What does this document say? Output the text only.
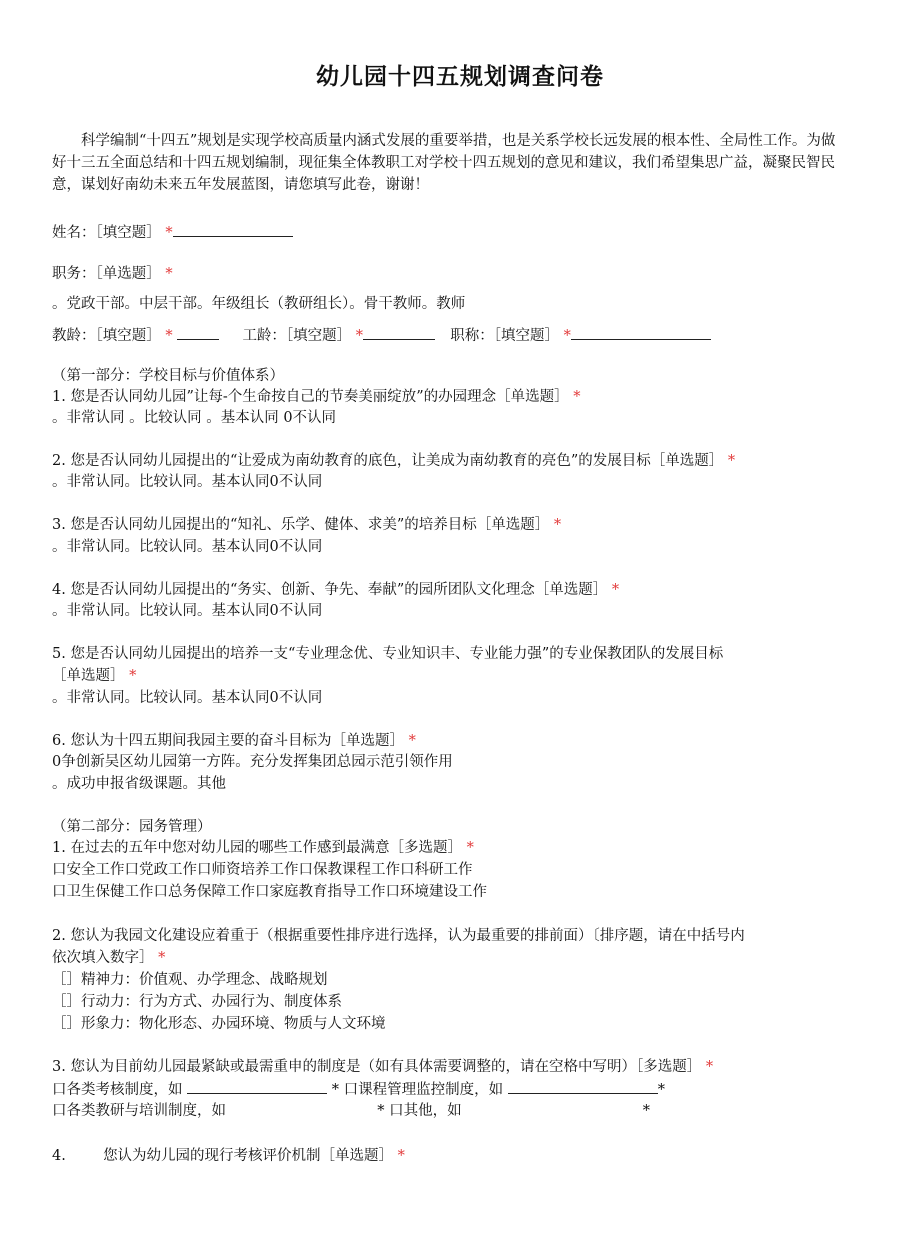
幼儿园十四五规划调查问卷
科学编制“十四五”规划是实现学校高质量内涵式发展的重要举措，也是关系学校长远发展的根本性、全局性工作。为做好十三五全面总结和十四五规划编制，现征集全体教职工对学校十四五规划的意见和建议，我们希望集思广益，凝聚民智民意，谋划好南幼未来五年发展蓝图，请您填写此卷，谢谢！
姓名：［填空题］ *
职务：［单选题］ *
。党政干部。中层干部。年级组长（教研组长）。骨干教师。教师
教龄：［填空题］ *	工龄：［填空题］ *	职称：［填空题］ *
（第一部分：学校目标与价值体系）
1. 您是否认同幼儿园”让每-个生命按自己的节奏美丽绽放”的办园理念［单选题］ *
。非常认同 。比较认同 。基本认同 0不认同
2. 您是否认同幼儿园提出的“让爱成为南幼教育的底色，让美成为南幼教育的亮色”的发展目标［单选题］ *
。非常认同。比较认同。基本认同0不认同
3. 您是否认同幼儿园提出的“知礼、乐学、健体、求美”的培养目标［单选题］ *
。非常认同。比较认同。基本认同0不认同
4. 您是否认同幼儿园提出的“务实、创新、争先、奉献”的园所团队文化理念［单选题］ *
。非常认同。比较认同。基本认同0不认同
5. 您是否认同幼儿园提出的培养一支“专业理念优、专业知识丰、专业能力强”的专业保教团队的发展目标
［单选题］ *
。非常认同。比较认同。基本认同0不认同
6. 您认为十四五期间我园主要的奋斗目标为［单选题］ *
0争创新吴区幼儿园第一方阵。充分发挥集团总园示范引领作用
。成功申报省级课题。其他
（第二部分：园务管理）
1. 在过去的五年中您对幼儿园的哪些工作感到最满意［多选题］ *
口安全工作口党政工作口师资培养工作口保教课程工作口科研工作
口卫生保健工作口总务保障工作口家庭教育指导工作口环境建设工作
2. 您认为我园文化建设应着重于（根据重要性排序进行选择，认为最重要的排前面）〔排序题，请在中括号内
依次填入数字］ *
［］精神力：价值观、办学理念、战略规划
［］行动力：行为方式、办园行为、制度体系
［］形象力：物化形态、办园环境、物质与人文环境
3. 您认为目前幼儿园最紧缺或最需重申的制度是（如有具体需要调整的，请在空格中写明）［多选题］ *
口各类考核制度，如	* 口课程管理监控制度，如	*
口各类教研与培训制度，如	* 口其他，如	*
4.	您认为幼儿园的现行考核评价机制［单选题］ *
